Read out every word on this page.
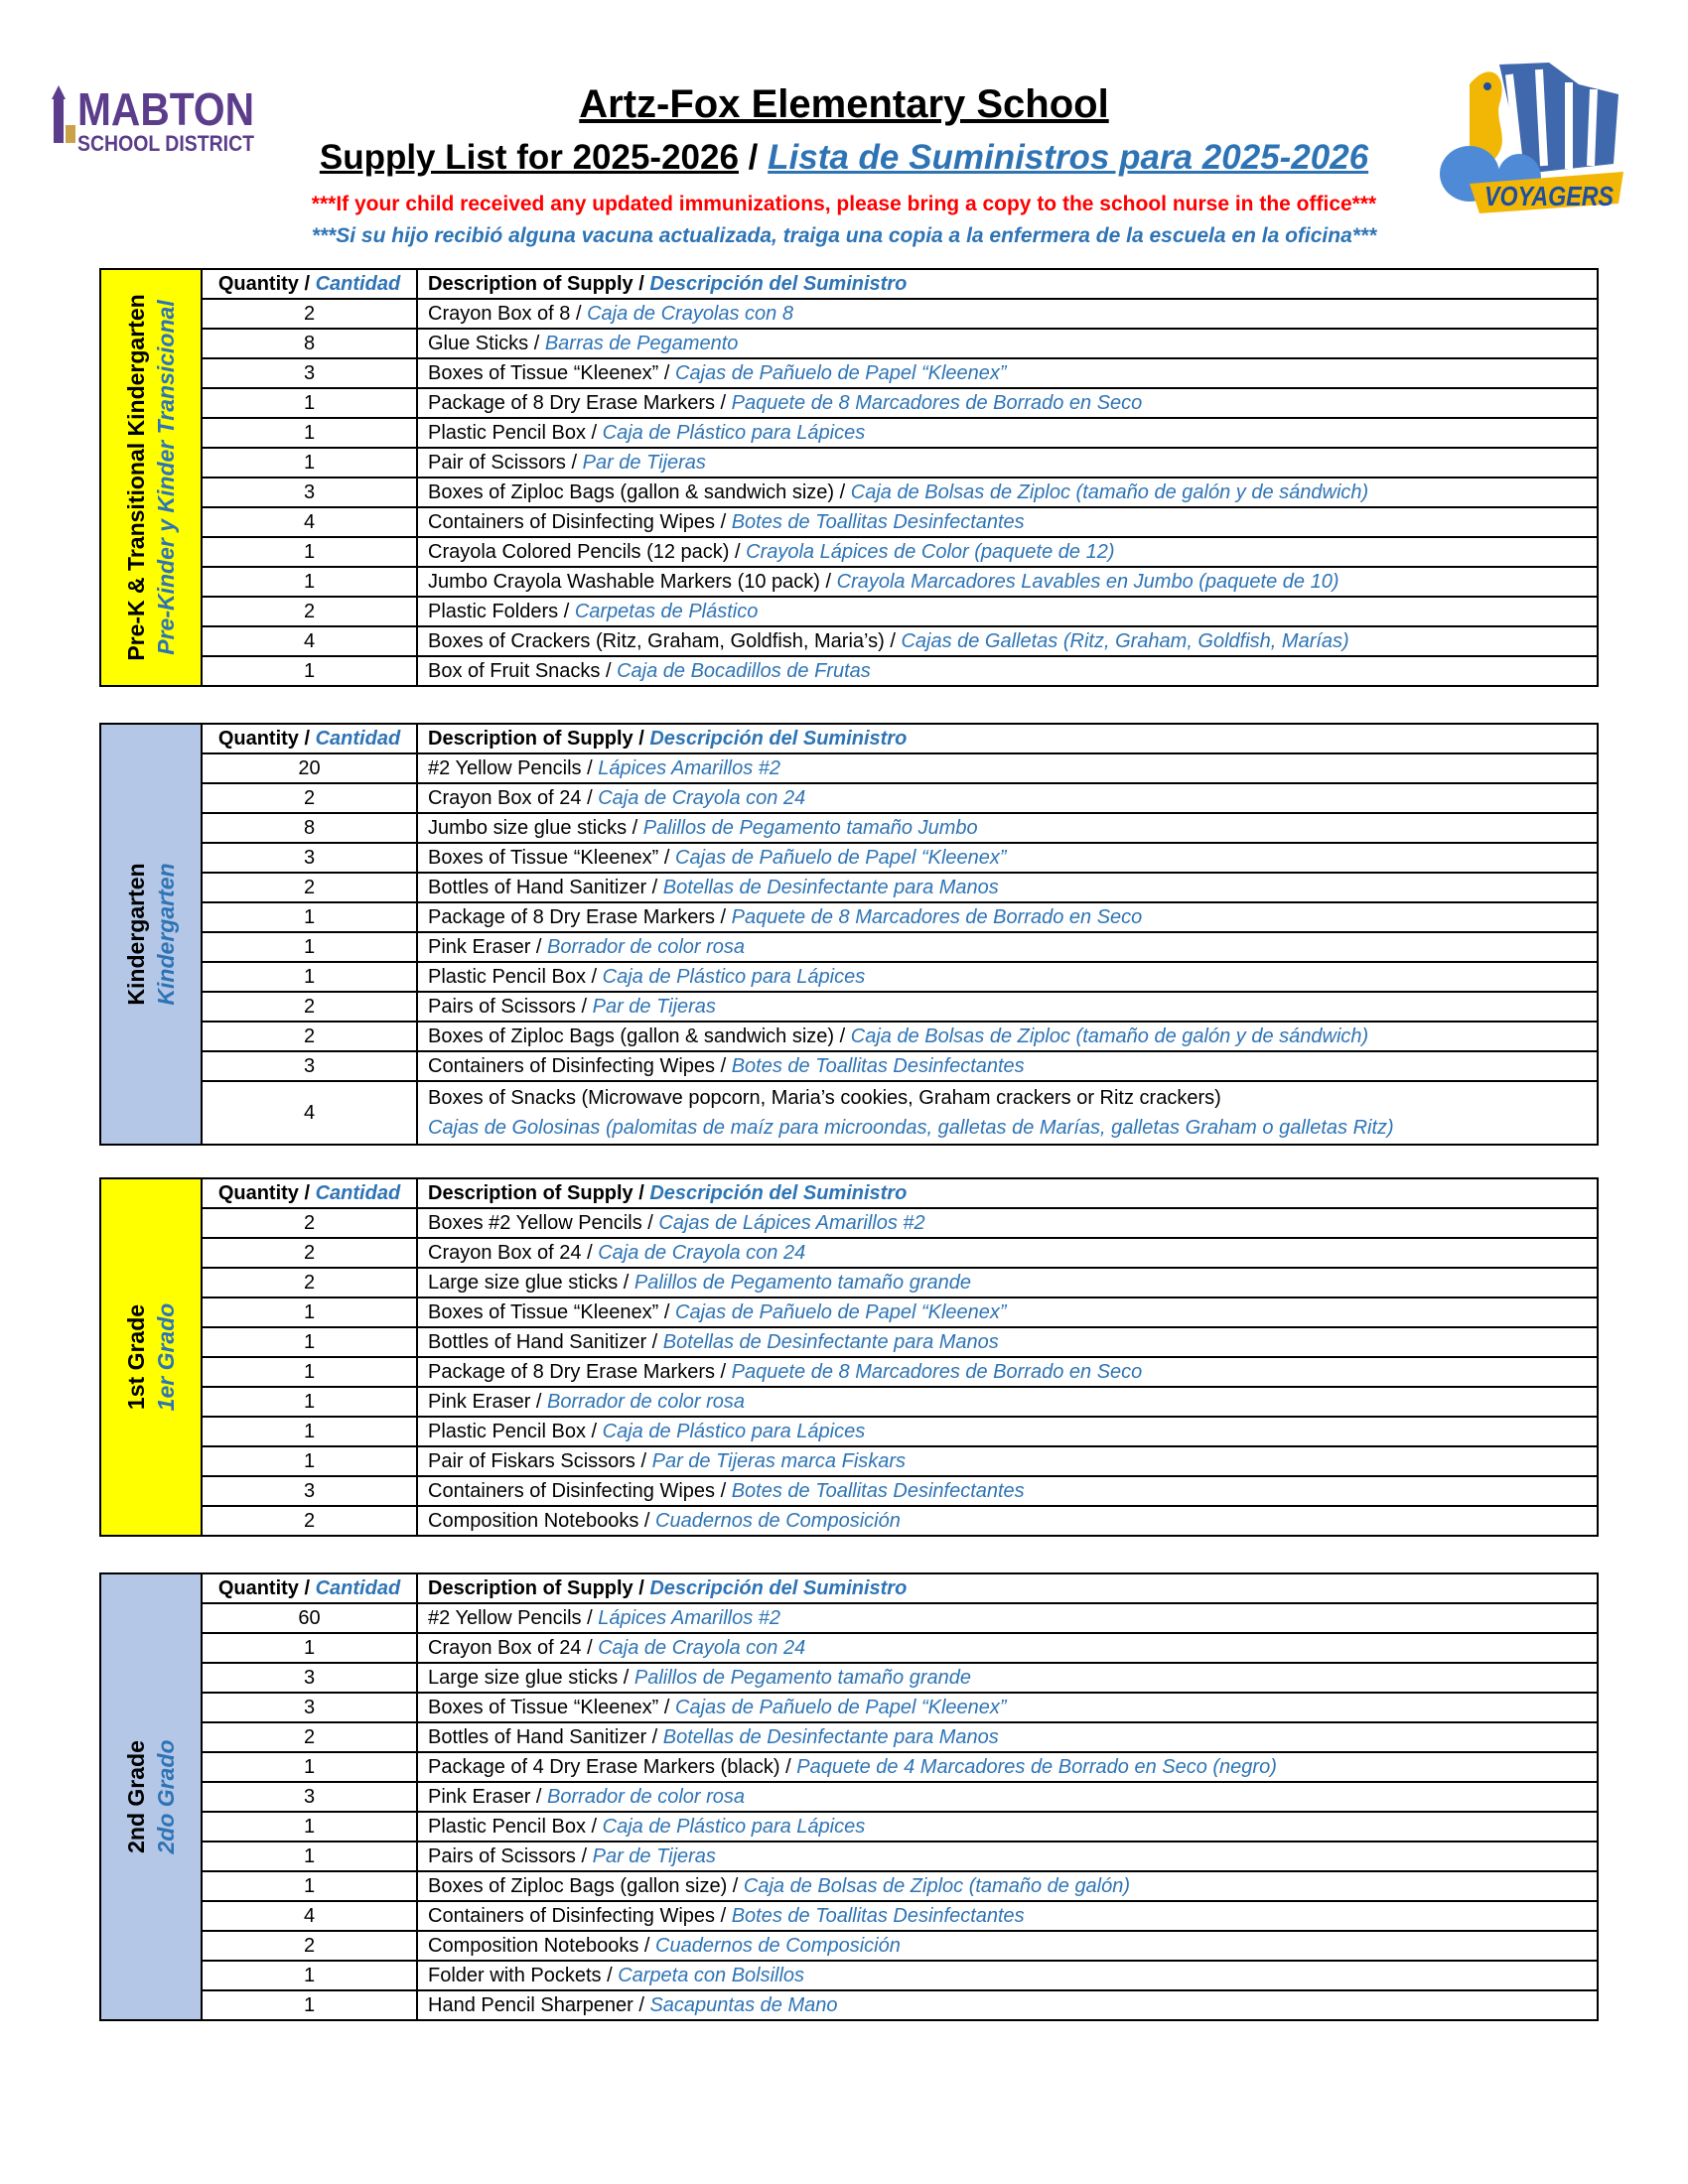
MABTON
SCHOOL DISTRICT
Artz-Fox Elementary School
Supply List for 2025-2026 / Lista de Suministros para 2025-2026
***If your child received any updated immunizations, please bring a copy to the school nurse in the office***
***Si su hijo recibió alguna vacuna actualizada, traiga una copia a la enfermera de la escuela en la oficina***
VOYAGERS
Pre-K & Transitional Kindergarten Pre-Kinder y Kinder Transicional
Quantity / Cantidad	Description of Supply / Descripción del Suministro
2	Crayon Box of 8 / Caja de Crayolas con 8
8	Glue Sticks / Barras de Pegamento
3	Boxes of Tissue “Kleenex” / Cajas de Pañuelo de Papel “Kleenex”
1	Package of 8 Dry Erase Markers / Paquete de 8 Marcadores de Borrado en Seco
1	Plastic Pencil Box / Caja de Plástico para Lápices
1	Pair of Scissors / Par de Tijeras
3	Boxes of Ziploc Bags (gallon & sandwich size) / Caja de Bolsas de Ziploc (tamaño de galón y de sándwich)
4	Containers of Disinfecting Wipes / Botes de Toallitas Desinfectantes
1	Crayola Colored Pencils (12 pack) / Crayola Lápices de Color (paquete de 12)
1	Jumbo Crayola Washable Markers (10 pack) / Crayola Marcadores Lavables en Jumbo (paquete de 10)
2	Plastic Folders / Carpetas de Plástico
4	Boxes of Crackers (Ritz, Graham, Goldfish, Maria’s) / Cajas de Galletas (Ritz, Graham, Goldfish, Marías)
1	Box of Fruit Snacks / Caja de Bocadillos de Frutas
Kindergarten Kindergarten
Quantity / Cantidad	Description of Supply / Descripción del Suministro
20	#2 Yellow Pencils / Lápices Amarillos #2
2	Crayon Box of 24 / Caja de Crayola con 24
8	Jumbo size glue sticks / Palillos de Pegamento tamaño Jumbo
3	Boxes of Tissue “Kleenex” / Cajas de Pañuelo de Papel “Kleenex”
2	Bottles of Hand Sanitizer / Botellas de Desinfectante para Manos
1	Package of 8 Dry Erase Markers / Paquete de 8 Marcadores de Borrado en Seco
1	Pink Eraser / Borrador de color rosa
1	Plastic Pencil Box / Caja de Plástico para Lápices
2	Pairs of Scissors / Par de Tijeras
2	Boxes of Ziploc Bags (gallon & sandwich size) / Caja de Bolsas de Ziploc (tamaño de galón y de sándwich)
3	Containers of Disinfecting Wipes / Botes de Toallitas Desinfectantes
4	Boxes of Snacks (Microwave popcorn, Maria’s cookies, Graham crackers or Ritz crackers)
Cajas de Golosinas (palomitas de maíz para microondas, galletas de Marías, galletas Graham o galletas Ritz)
1st Grade 1er Grado
Quantity / Cantidad	Description of Supply / Descripción del Suministro
2	Boxes #2 Yellow Pencils / Cajas de Lápices Amarillos #2
2	Crayon Box of 24 / Caja de Crayola con 24
2	Large size glue sticks / Palillos de Pegamento tamaño grande
1	Boxes of Tissue “Kleenex” / Cajas de Pañuelo de Papel “Kleenex”
1	Bottles of Hand Sanitizer / Botellas de Desinfectante para Manos
1	Package of 8 Dry Erase Markers / Paquete de 8 Marcadores de Borrado en Seco
1	Pink Eraser / Borrador de color rosa
1	Plastic Pencil Box / Caja de Plástico para Lápices
1	Pair of Fiskars Scissors / Par de Tijeras marca Fiskars
3	Containers of Disinfecting Wipes / Botes de Toallitas Desinfectantes
2	Composition Notebooks / Cuadernos de Composición
2nd Grade 2do Grado
Quantity / Cantidad	Description of Supply / Descripción del Suministro
60	#2 Yellow Pencils / Lápices Amarillos #2
1	Crayon Box of 24 / Caja de Crayola con 24
3	Large size glue sticks / Palillos de Pegamento tamaño grande
3	Boxes of Tissue “Kleenex” / Cajas de Pañuelo de Papel “Kleenex”
2	Bottles of Hand Sanitizer / Botellas de Desinfectante para Manos
1	Package of 4 Dry Erase Markers (black) / Paquete de 4 Marcadores de Borrado en Seco (negro)
3	Pink Eraser / Borrador de color rosa
1	Plastic Pencil Box / Caja de Plástico para Lápices
1	Pairs of Scissors / Par de Tijeras
1	Boxes of Ziploc Bags (gallon size) / Caja de Bolsas de Ziploc (tamaño de galón)
4	Containers of Disinfecting Wipes / Botes de Toallitas Desinfectantes
2	Composition Notebooks / Cuadernos de Composición
1	Folder with Pockets / Carpeta con Bolsillos
1	Hand Pencil Sharpener / Sacapuntas de Mano
